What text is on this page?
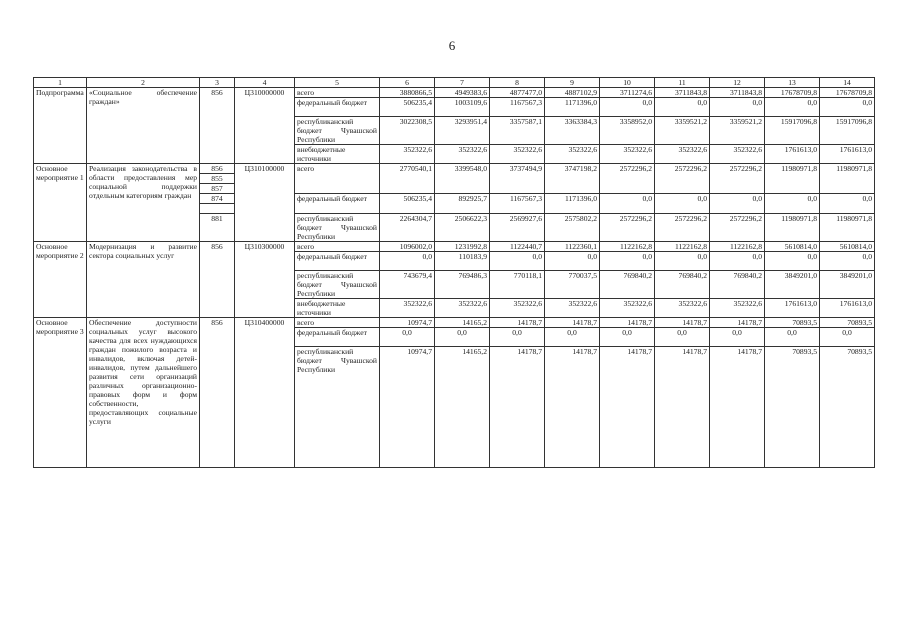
6
1	2	3	4	5	6	7	8	9	10	11	12	13	14
Подпрограмма	«Социальное обеспечение граждан»	856	Ц310000000	всего	3880866,5	4949383,6	4877477,0	4887102,9	3711274,6	3711843,8	3711843,8	17678709,8	17678709,8
				федеральный бюджет	506235,4	1003109,6	1167567,3	1171396,0	0,0	0,0	0,0	0,0	0,0
				республиканский бюджет Чувашской Республики	3022308,5	3293951,4	3357587,1	3363384,3	3358952,0	3359521,2	3359521,2	15917096,8	15917096,8
				внебюджетные источники	352322,6	352322,6	352322,6	352322,6	352322,6	352322,6	352322,6	1761613,0	1761613,0
Основное мероприятие 1	Реализация законодательства в области предоставления мер социальной поддержки отдельным категориям граждан	856	Ц310100000	всего	2770540,1	3399548,0	3737494,9	3747198,2	2572296,2	2572296,2	2572296,2	11980971,8	11980971,8
		855											
		857											
		874		федеральный бюджет	506235,4	892925,7	1167567,3	1171396,0	0,0	0,0	0,0	0,0	0,0

		881		республиканский бюджет Чувашской Республики	2264304,7	2506622,3	2569927,6	2575802,2	2572296,2	2572296,2	2572296,2	11980971,8	11980971,8
Основное мероприятие 2	Модернизация и развитие сектора социальных услуг	856	Ц310300000	всего	1096002,0	1231992,8	1122440,7	1122360,1	1122162,8	1122162,8	1122162,8	5610814,0	5610814,0
				федеральный бюджет	0,0	110183,9	0,0	0,0	0,0	0,0	0,0	0,0	0,0
				республиканский бюджет Чувашской Республики	743679,4	769486,3	770118,1	770037,5	769840,2	769840,2	769840,2	3849201,0	3849201,0
				внебюджетные источники	352322,6	352322,6	352322,6	352322,6	352322,6	352322,6	352322,6	1761613,0	1761613,0
Основное мероприятие 3	Обеспечение доступности социальных услуг высокого качества для всех нуждающихся граждан пожилого возраста и инвалидов, включая детей-инвалидов, путем дальнейшего развития сети организаций различных организационно-правовых форм и форм собственности, предоставляющих социальные услуги	856	Ц310400000	всего	10974,7	14165,2	14178,7	14178,7	14178,7	14178,7	14178,7	70893,5	70893,5
				федеральный бюджет	0,0	0,0	0,0	0,0	0,0	0,0	0,0	0,0	0,0
				республиканский бюджет Чувашской Республики	10974,7	14165,2	14178,7	14178,7	14178,7	14178,7	14178,7	70893,5	70893,5
